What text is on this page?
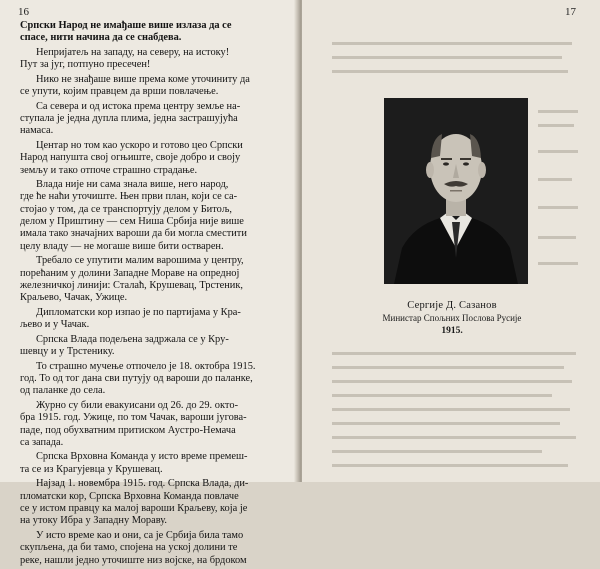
16

Српски Народ не имађаше више излаза да се
спасе, нити начина да се снабдева.

Непријатељ на западу, на северу, на истоку!
Пут за југ, потпуно пресечен!

Нико не знађаше више према коме уточиниту да
се упути, којим правцем да врши повлачење.

Са севера и од истока према центру земље на-
ступала је једна дупла плима, једна застрашујућа
намаса.

Центар но том као ускоро и готово цео Српски
Народ напушта свој огњиште, своје добро и своју
земљу и тако отпоче страшно страдање.

Влада није ни сама знала више, него народ,
где ће наћи уточиште. Њен први план, који се са-
стојао у том, да се транспортују делом у Битољ,
делом у Приштину — сем Ниша Србија није више
имала тако значајних вароши да би могла сместити
целу владу — не могаше више бити остварен.

Требало се упутити малим варошима у центру,
порећаним у долини Западне Мораве на опредној
железничкој линији: Сталаћ, Крушевац, Трстеник,
Краљево, Чачак, Ужице.

Дипломатски кор изпаo је по партијама у Кра-
љево и у Чачак.

Српска Влада подељена задржала се у Кру-
шевцу и у Трстенику.

То страшно мучење отпочело је 18. октобра 1915.
год. То од тог дана сви путују од вароши до паланке,
од паланке до села.

Журно су били евакуисани од 26. до 29. октo-
бра 1915. год. Ужице, по том Чачак, вароши југова-
паде, под обухватним притиском Аустро-Немача
са запада.

Српска Врховна Команда у исто време премеш-
та се из Крагујевца у Крушевац.

Најзад 1. новембра 1915. год. Српска Влада, ди-
пломатски кор, Српска Врховна Команда повлаче
се у истом правцу ка малој вароши Краљеву, која је
на утоку Ибра у Западну Мораву.

У исто време као и они, са је Србија била тамо
скупљена, да би тамо, спојена на ускоj долини те
реке, нашли једно уточиште низ војске, на брдоком

17
Сергије Д. Сазанов
Министар Спољних Послова Русије
1915.
